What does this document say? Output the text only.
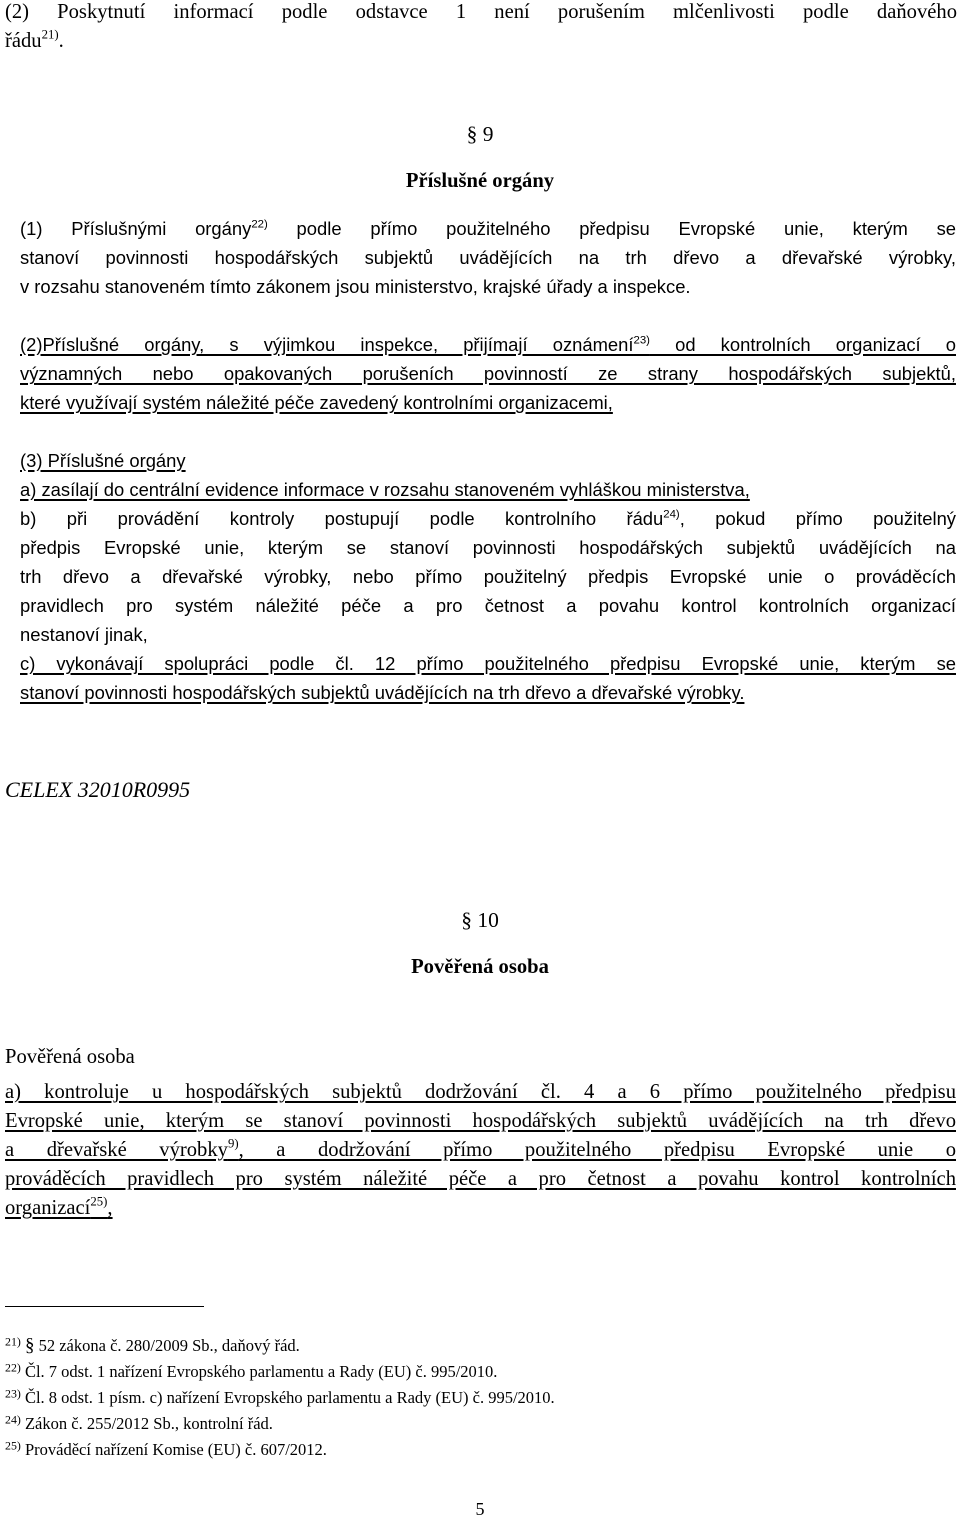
(2) Poskytnutí informací podle odstavce 1 není porušením mlčenlivosti podle daňového

řádu$^{21)}$.

§ 9

Příslušné orgány

(1) Příslušnými orgány$^{22)}$ podle přímo použitelného předpisu Evropské unie, kterým se

stanoví povinnosti hospodářských subjektů uvádějících na trh dřevo a dřevařské výrobky,

v rozsahu stanoveném tímto zákonem jsou ministerstvo, krajské úřady a inspekce.

(2)Příslušné orgány, s výjimkou inspekce, přijímají oznámení$^{23)}$ od kontrolních organizací o

významných nebo opakovaných porušeních povinností ze strany hospodářských subjektů,

které využívají systém náležité péče zavedený kontrolními organizacemi,

(3) Příslušné orgány

a) zasílají do centrální evidence informace v rozsahu stanoveném vyhláškou ministerstva,

b) při provádění kontroly postupují podle kontrolního řádu$^{24)}$, pokud přímo použitelný

předpis Evropské unie, kterým se stanoví povinnosti hospodářských subjektů uvádějících na

trh dřevo a dřevařské výrobky, nebo přímo použitelný předpis Evropské unie o prováděcích

pravidlech pro systém náležité péče a pro četnost a povahu kontrol kontrolních organizací

nestanoví jinak,

c) vykonávají spolupráci podle čl. 12 přímo použitelného předpisu Evropské unie, kterým se

stanoví povinnosti hospodářských subjektů uvádějících na trh dřevo a dřevařské výrobky.

CELEX 32010R0995

§ 10

Pověřená osoba

Pověřená osoba

a) kontroluje u hospodářských subjektů dodržování čl. 4 a 6 přímo použitelného předpisu

Evropské unie, kterým se stanoví povinnosti hospodářských subjektů uvádějících na trh dřevo

a dřevařské výrobky$^{9)}$, a dodržování přímo použitelného předpisu Evropské unie o

prováděcích pravidlech pro systém náležité péče a pro četnost a povahu kontrol kontrolních

organizací$^{25)}$,

$^{21)}$ § 52 zákona č. 280/2009 Sb., daňový řád.

$^{22)}$ Čl. 7 odst. 1 nařízení Evropského parlamentu a Rady (EU) č. 995/2010.

$^{23)}$ Čl. 8 odst. 1 písm. c) nařízení Evropského parlamentu a Rady (EU) č. 995/2010.

$^{24)}$ Zákon č. 255/2012 Sb., kontrolní řád.

$^{25)}$ Prováděcí nařízení Komise (EU) č. 607/2012.

5
